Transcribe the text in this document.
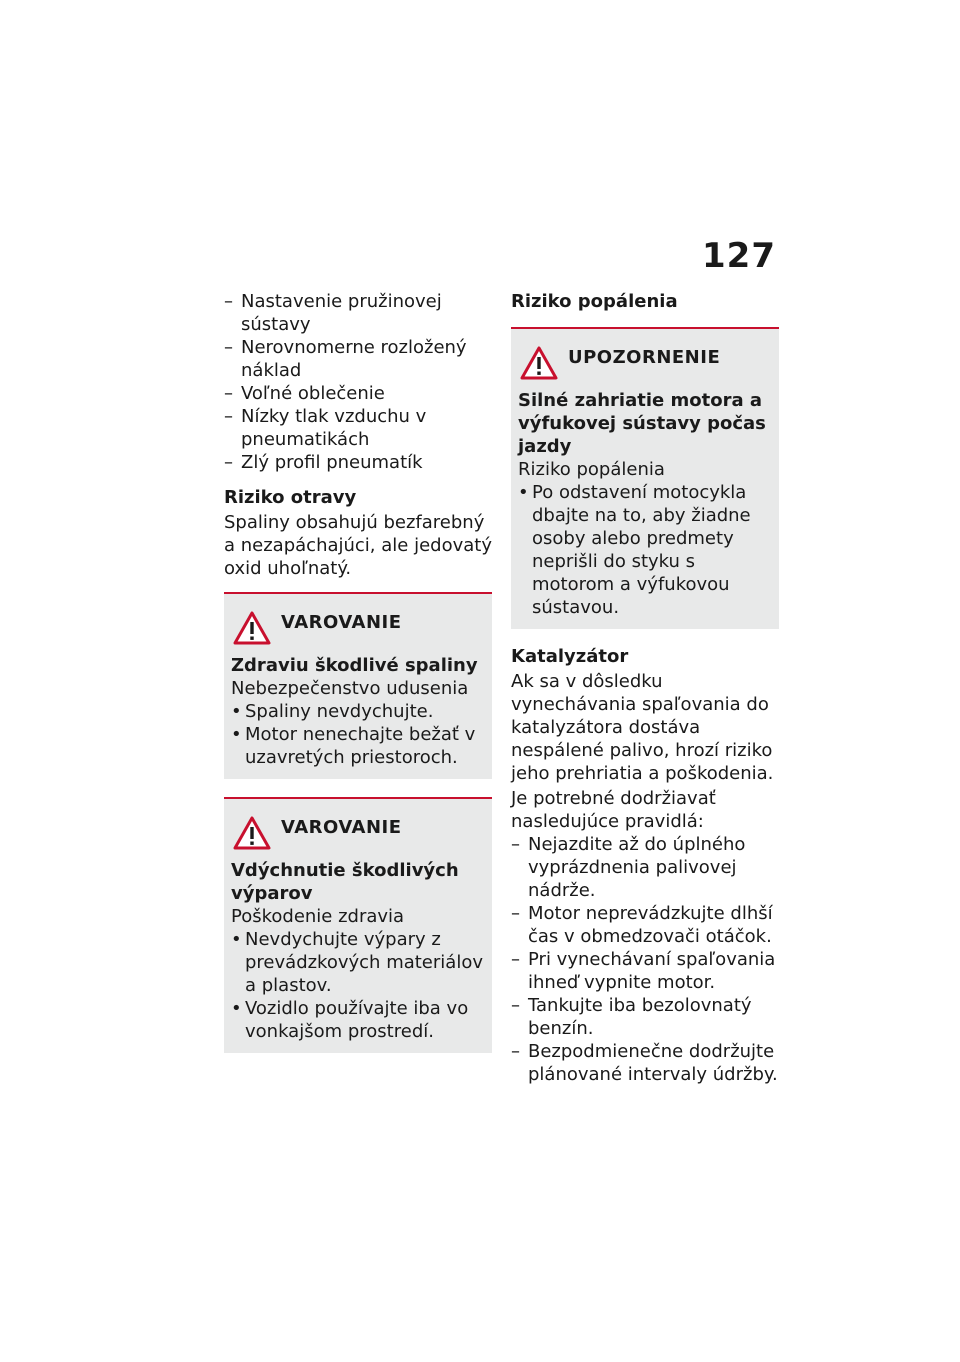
127
– Nastavenie pružinovej sústavy
– Nerovnomerne rozložený náklad
– Voľné oblečenie
– Nízky tlak vzduchu v pneumatikách
– Zlý profil pneumatík
Riziko otravy

Spaliny obsahujú bezfarebný a nezapáchajúci, ale jedovatý oxid uhoľnatý.

VAROVANIE
Zdraviu škodlivé spaliny
Nebezpečenstvo udusenia
• Spaliny nevdychujte.
• Motor nenechajte bežať v uzavretých priestoroch.
VAROVANIE
Vdýchnutie škodlivých výparov
Poškodenie zdravia
• Nevdychujte výpary z prevádzkových materiálov a plastov.
• Vozidlo používajte iba vo vonkajšom prostredí.
Riziko popálenia
UPOZORNENIE
Silné zahriatie motora a výfukovej sústavy počas jazdy
Riziko popálenia
• Po odstavení motocykla dbajte na to, aby žiadne osoby alebo predmety neprišli do styku s motorom a výfukovou sústavou.
Katalyzátor

Ak sa v dôsledku vynechávania spaľovania do katalyzátora dostáva nespálené palivo, hrozí riziko jeho prehriatia a poškodenia.

Je potrebné dodržiavať nasledujúce pravidlá:

– Nejazdite až do úplného vyprázdnenia palivovej nádrže.
– Motor neprevádzkujte dlhší čas v obmedzovači otáčok.
– Pri vynechávaní spaľovania ihneď vypnite motor.
– Tankujte iba bezolovnatý benzín.
– Bezpodmienečne dodržujte plánované intervaly údržby.
